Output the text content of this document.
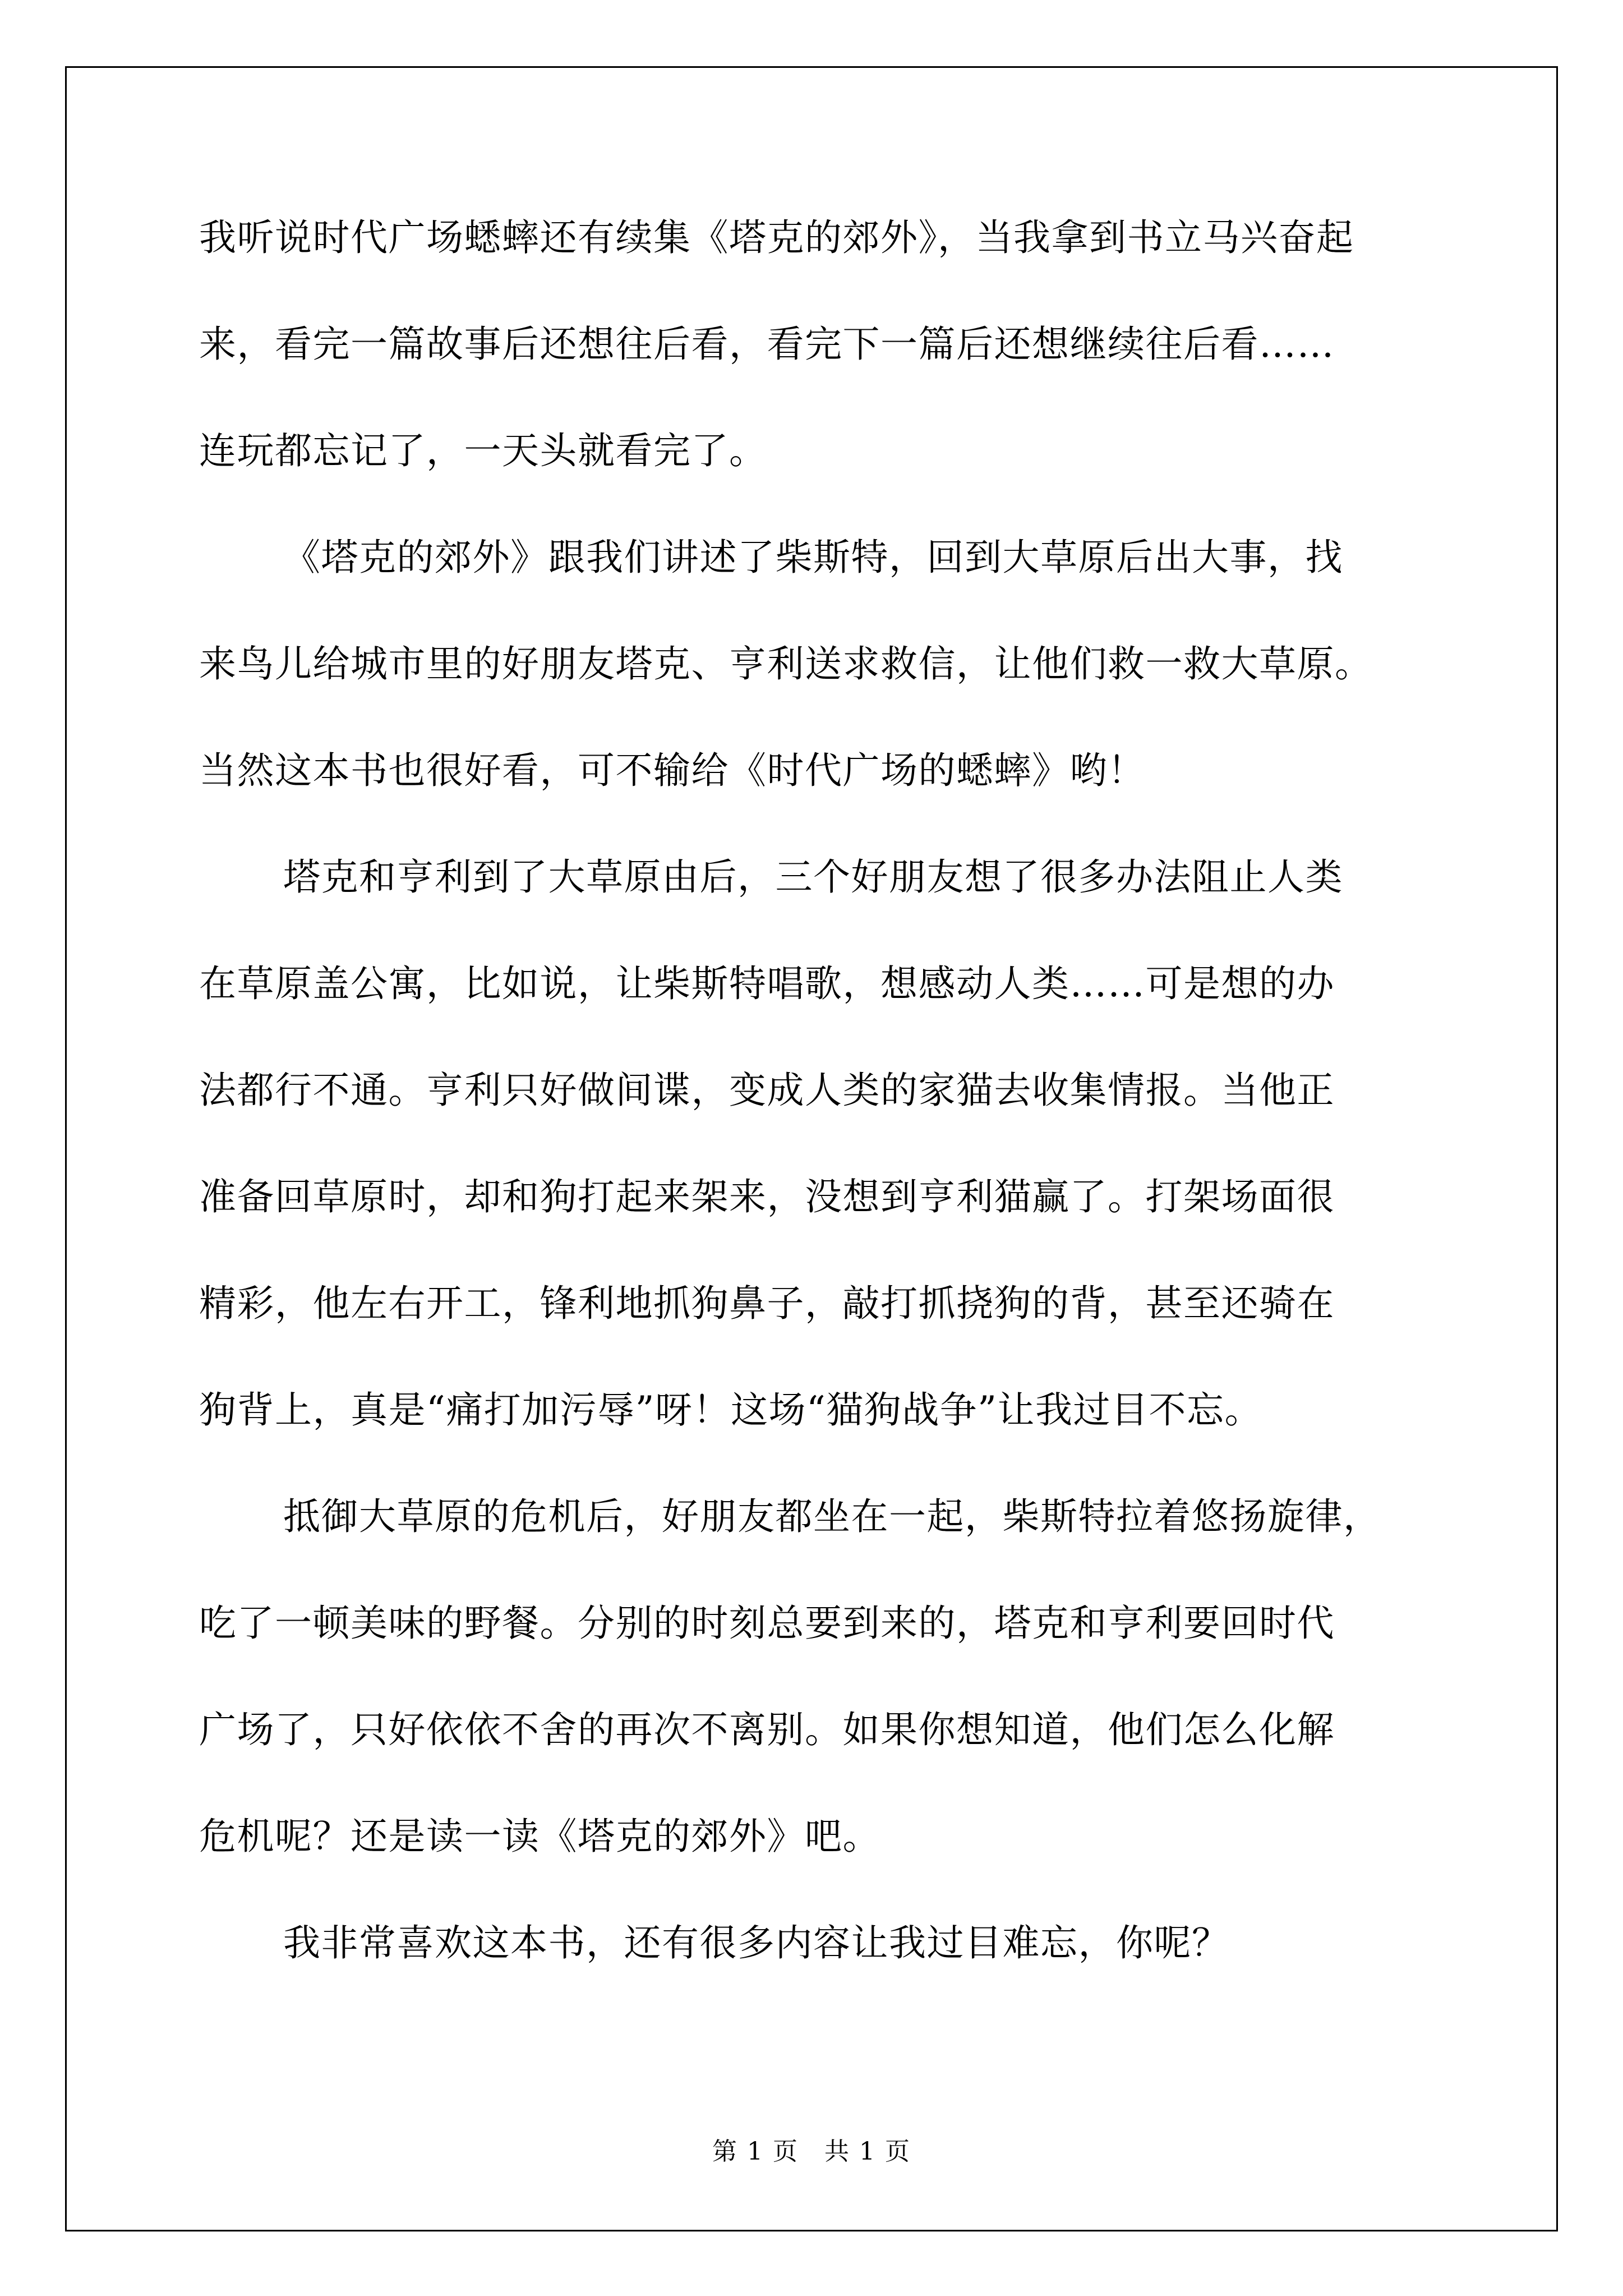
我听说时代广场蟋蟀还有续集《塔克的郊外》，当我拿到书立马兴奋起
来，看完一篇故事后还想往后看，看完下一篇后还想继续往后看……
连玩都忘记了，一天头就看完了。
《塔克的郊外》跟我们讲述了柴斯特，回到大草原后出大事，找
来鸟儿给城市里的好朋友塔克、亨利送求救信，让他们救一救大草原。
当然这本书也很好看，可不输给《时代广场的蟋蟀》哟！
塔克和亨利到了大草原由后，三个好朋友想了很多办法阻止人类
在草原盖公寓，比如说，让柴斯特唱歌，想感动人类……可是想的办
法都行不通。亨利只好做间谍，变成人类的家猫去收集情报。当他正
准备回草原时，却和狗打起来架来，没想到亨利猫赢了。打架场面很
精彩，他左右开工，锋利地抓狗鼻子，敲打抓挠狗的背，甚至还骑在
狗背上，真是“痛打加污辱”呀！这场“猫狗战争”让我过目不忘。
抵御大草原的危机后，好朋友都坐在一起，柴斯特拉着悠扬旋律，
吃了一顿美味的野餐。分别的时刻总要到来的，塔克和亨利要回时代
广场了，只好依依不舍的再次不离别。如果你想知道，他们怎么化解
危机呢？还是读一读《塔克的郊外》吧。
我非常喜欢这本书，还有很多内容让我过目难忘，你呢？
第 1 页　共 1 页
